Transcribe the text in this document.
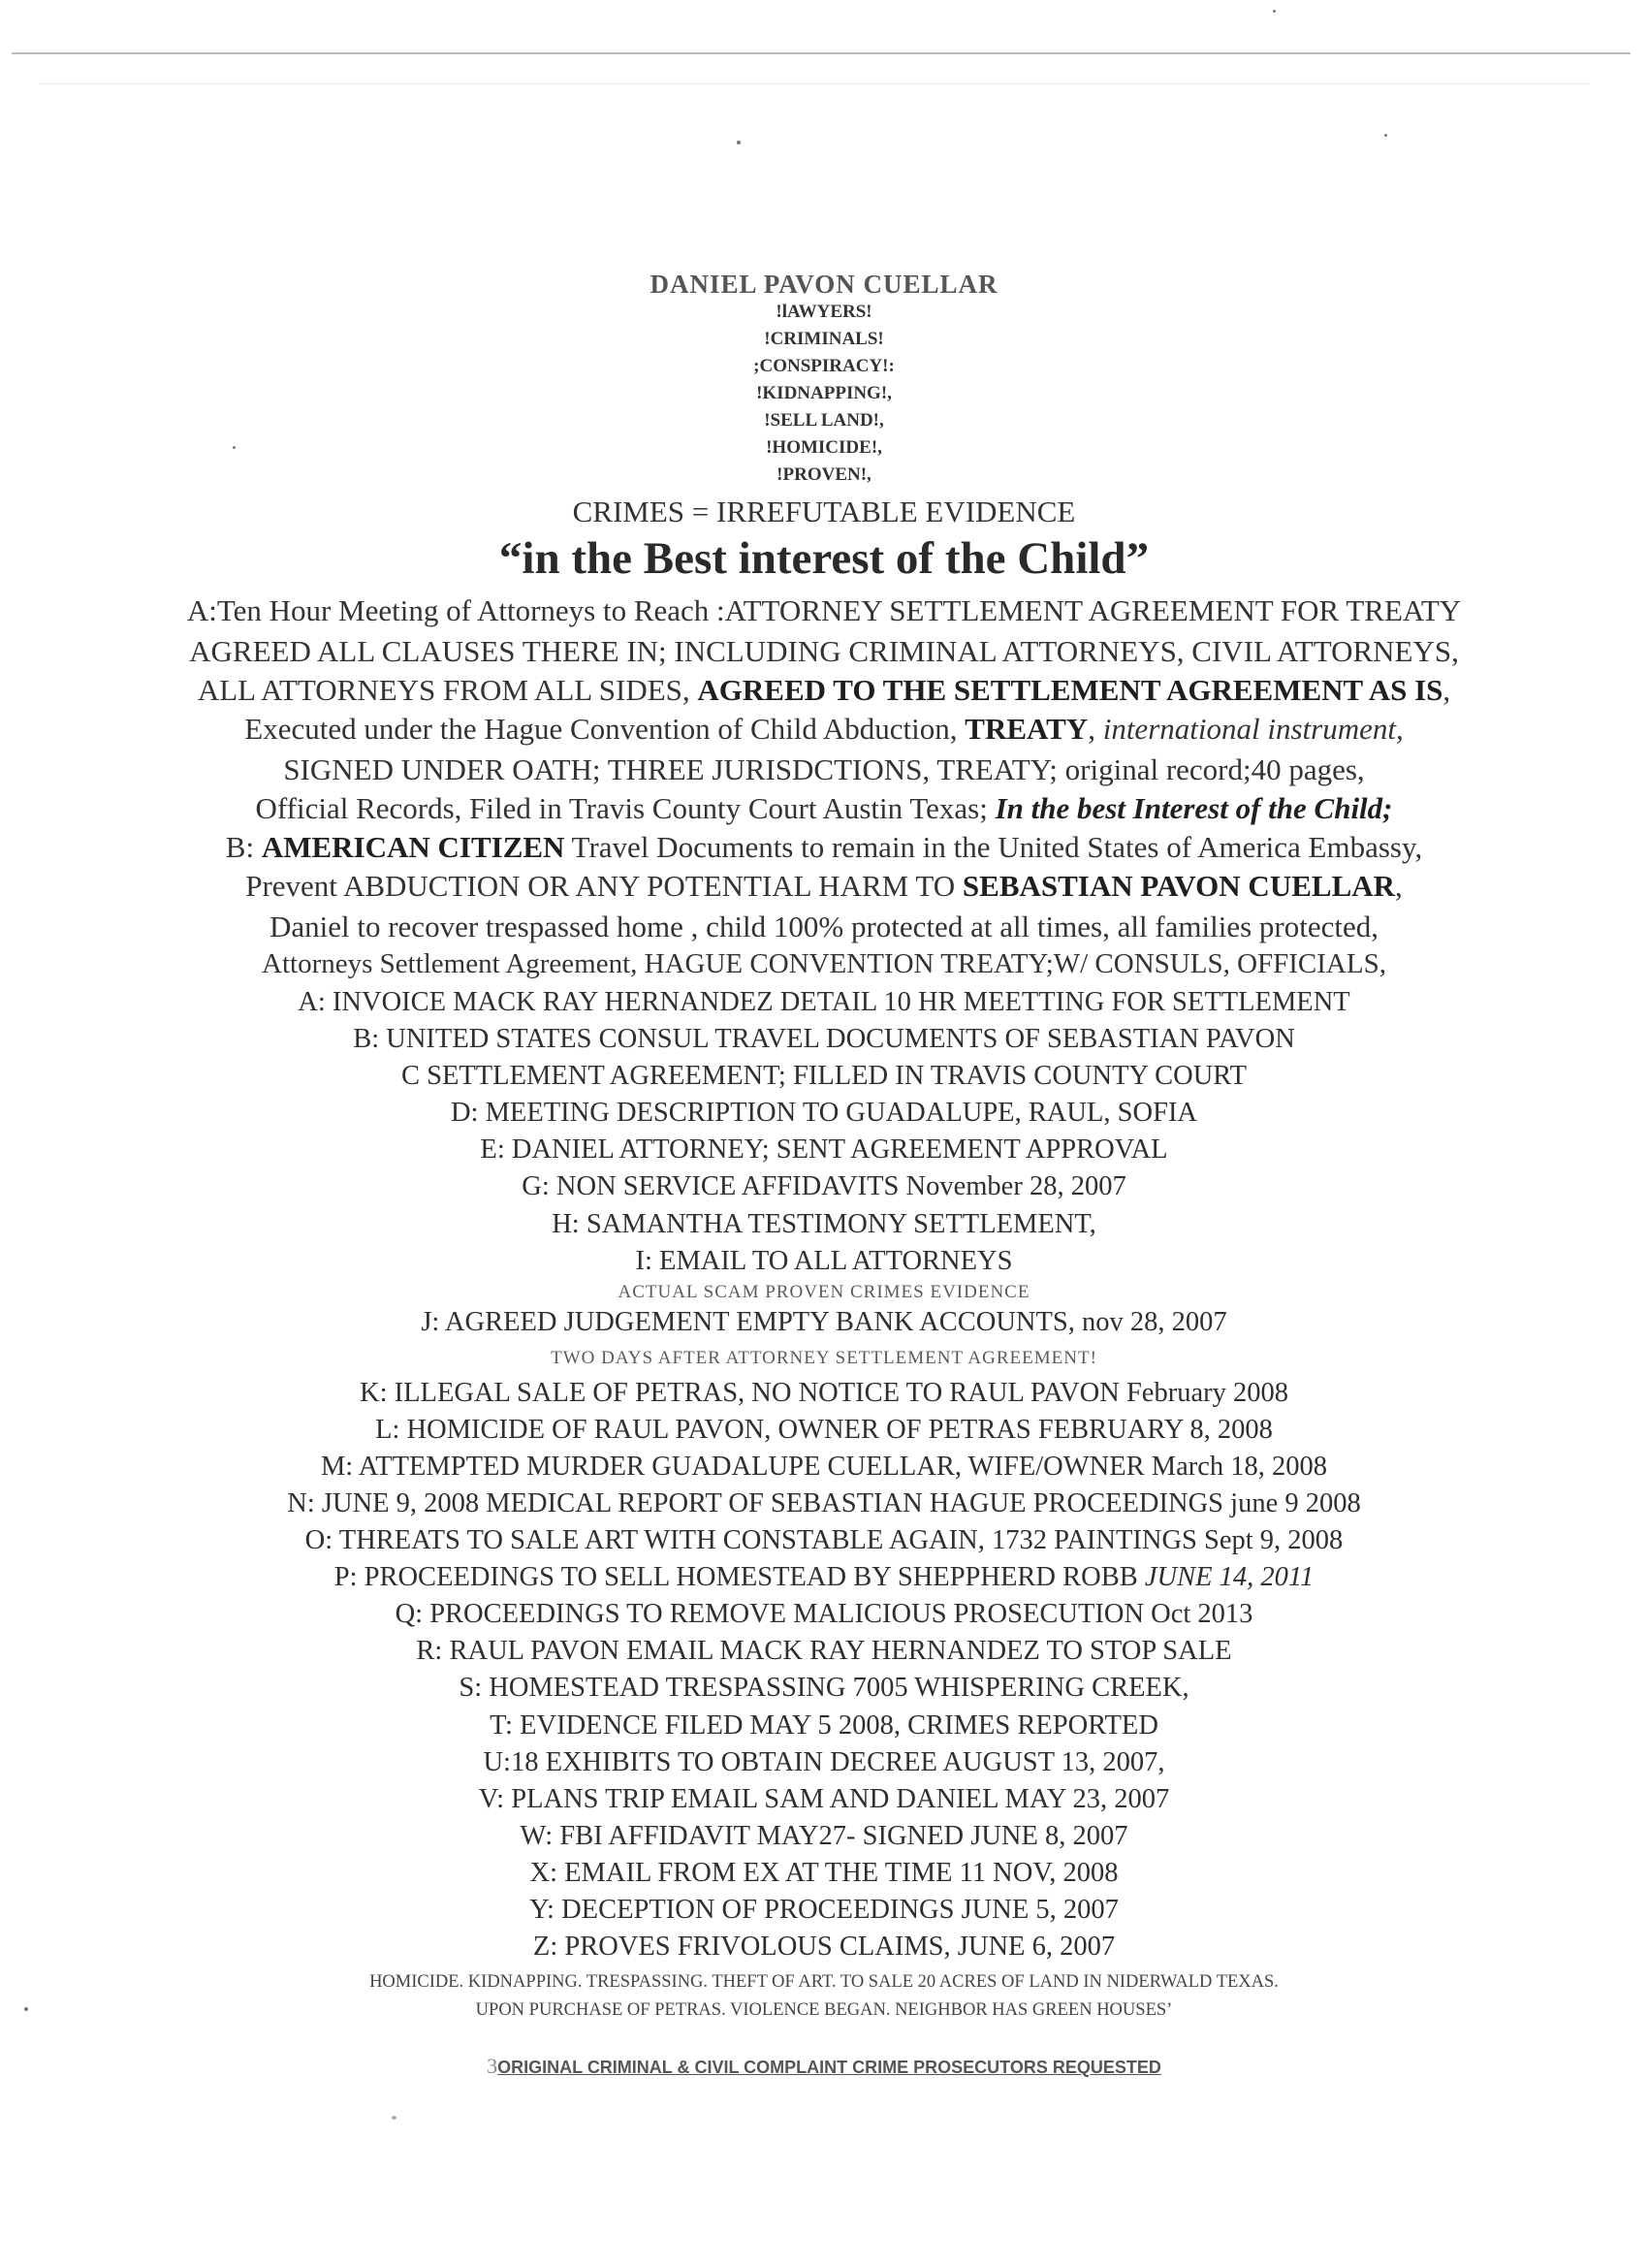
DANIEL PAVON CUELLAR

!lAWYERS!

!CRIMINALS!

;CONSPIRACY!:

!KIDNAPPING!,

!SELL LAND!,

!HOMICIDE!,

!PROVEN!,

CRIMES = IRREFUTABLE EVIDENCE

“in the Best interest of the Child”

A:Ten Hour Meeting of Attorneys to Reach :ATTORNEY SETTLEMENT AGREEMENT FOR TREATY

AGREED ALL CLAUSES THERE IN; INCLUDING CRIMINAL ATTORNEYS, CIVIL ATTORNEYS,

ALL ATTORNEYS FROM ALL SIDES, AGREED TO THE SETTLEMENT AGREEMENT AS IS,

Executed under the Hague Convention of Child Abduction, TREATY, international instrument,

SIGNED UNDER OATH; THREE JURISDCTIONS, TREATY; original record;40 pages,

Official Records, Filed in Travis County Court Austin Texas; In the best Interest of the Child;

B: AMERICAN CITIZEN Travel Documents to remain in the United States of America Embassy,

Prevent ABDUCTION OR ANY POTENTIAL HARM TO SEBASTIAN PAVON CUELLAR,

Daniel to recover trespassed home , child 100% protected at all times, all families protected,

Attorneys Settlement Agreement, HAGUE CONVENTION TREATY;W/ CONSULS, OFFICIALS,

A: INVOICE MACK RAY HERNANDEZ DETAIL 10 HR MEETTING FOR SETTLEMENT

B: UNITED STATES CONSUL TRAVEL DOCUMENTS OF SEBASTIAN PAVON

C SETTLEMENT AGREEMENT; FILLED IN TRAVIS COUNTY COURT

D: MEETING DESCRIPTION TO GUADALUPE, RAUL, SOFIA

E: DANIEL ATTORNEY; SENT AGREEMENT APPROVAL

G: NON SERVICE AFFIDAVITS November 28, 2007

H: SAMANTHA TESTIMONY SETTLEMENT,

I: EMAIL TO ALL ATTORNEYS

ACTUAL SCAM PROVEN CRIMES EVIDENCE

J: AGREED JUDGEMENT EMPTY BANK ACCOUNTS, nov 28, 2007

TWO DAYS AFTER ATTORNEY SETTLEMENT AGREEMENT!

K: ILLEGAL SALE OF PETRAS, NO NOTICE TO RAUL PAVON February 2008

L: HOMICIDE OF RAUL PAVON, OWNER OF PETRAS FEBRUARY 8, 2008

M: ATTEMPTED MURDER GUADALUPE CUELLAR, WIFE/OWNER March 18, 2008

N: JUNE 9, 2008 MEDICAL REPORT OF SEBASTIAN HAGUE PROCEEDINGS june 9 2008

O: THREATS TO SALE ART WITH CONSTABLE AGAIN, 1732 PAINTINGS Sept 9, 2008

P: PROCEEDINGS TO SELL HOMESTEAD BY SHEPPHERD ROBB JUNE 14, 2011

Q: PROCEEDINGS TO REMOVE MALICIOUS PROSECUTION Oct 2013

R: RAUL PAVON EMAIL MACK RAY HERNANDEZ TO STOP SALE

S: HOMESTEAD TRESPASSING 7005 WHISPERING CREEK,

T: EVIDENCE FILED MAY 5 2008, CRIMES REPORTED

U:18 EXHIBITS TO OBTAIN DECREE AUGUST 13, 2007,

V: PLANS TRIP EMAIL SAM AND DANIEL MAY 23, 2007

W: FBI AFFIDAVIT MAY27- SIGNED JUNE 8, 2007

X: EMAIL FROM EX AT THE TIME 11 NOV, 2008

Y: DECEPTION OF PROCEEDINGS JUNE 5, 2007

Z: PROVES FRIVOLOUS CLAIMS, JUNE 6, 2007

HOMICIDE. KIDNAPPING. TRESPASSING. THEFT OF ART. TO SALE 20 ACRES OF LAND IN NIDERWALD TEXAS.

UPON PURCHASE OF PETRAS. VIOLENCE BEGAN. NEIGHBOR HAS GREEN HOUSES’

3ORIGINAL CRIMINAL & CIVIL COMPLAINT CRIME PROSECUTORS REQUESTED
